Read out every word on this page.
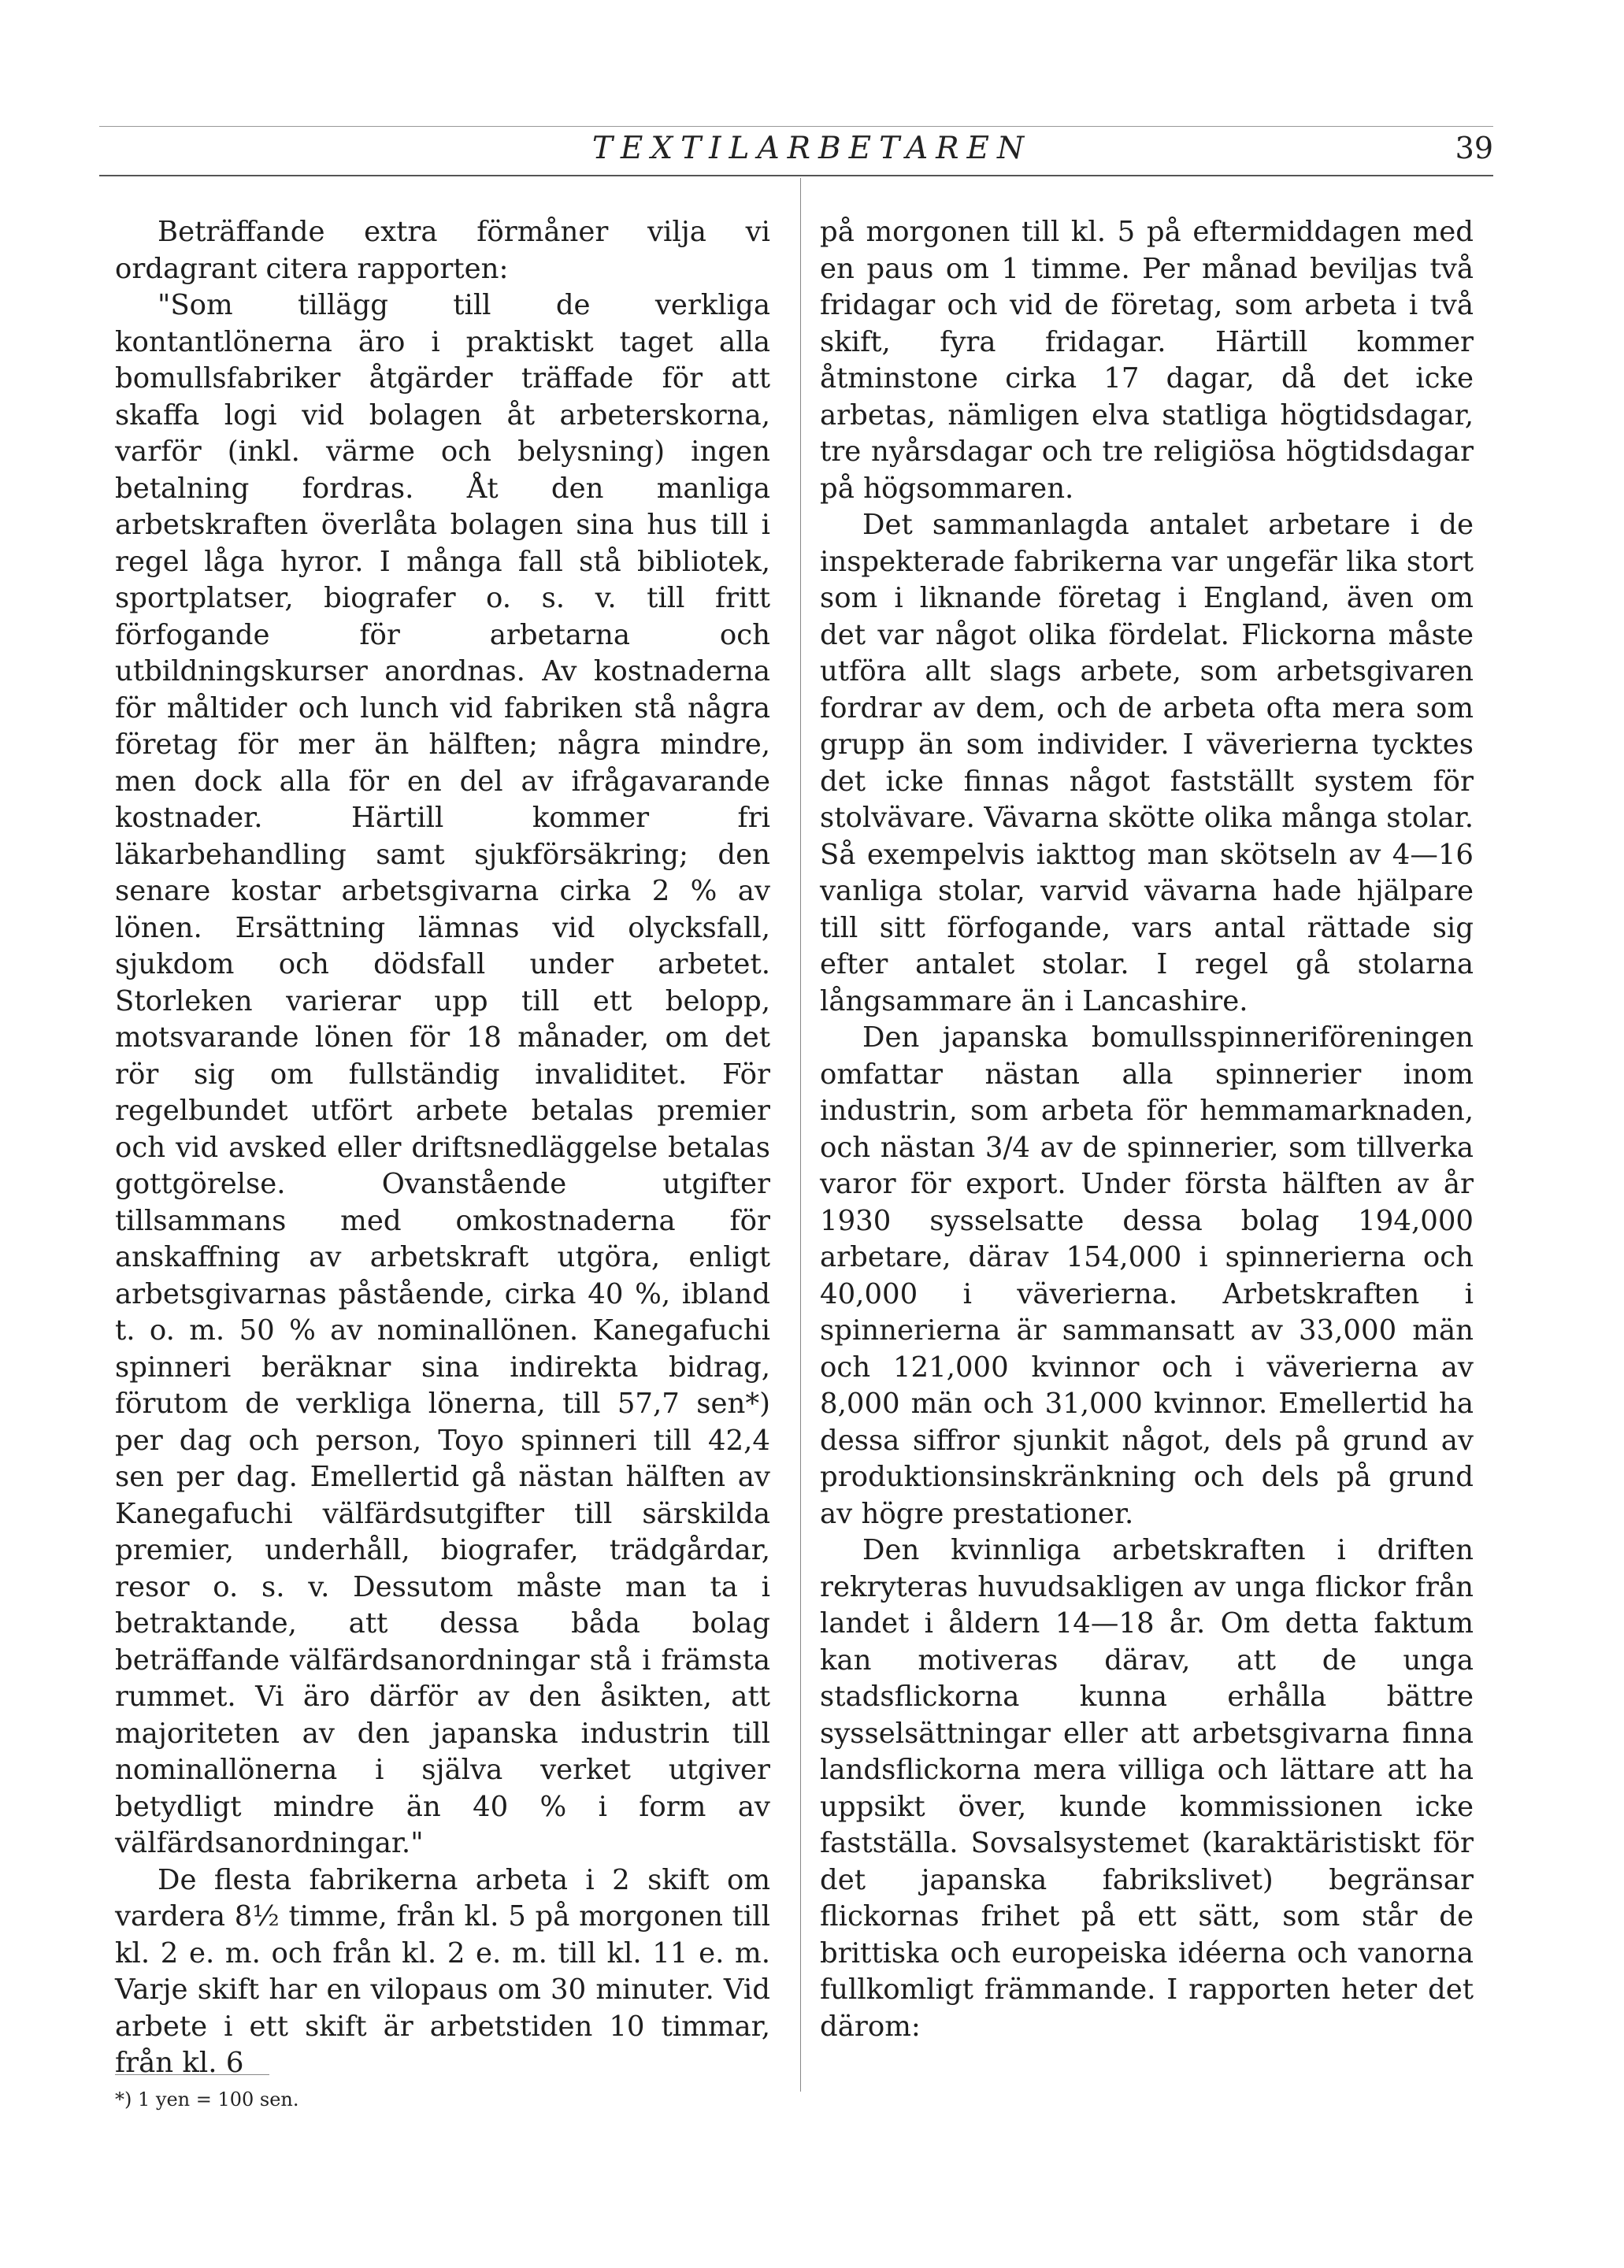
TEXTILARBETAREN	39

Beträffande extra förmåner vilja vi ordagrant citera rapporten:

"Som tillägg till de verkliga kontantlönerna äro i praktiskt taget alla bomullsfabriker åtgärder träffade för att skaffa logi vid bolagen åt arbeterskorna, varför (inkl. värme och belysning) ingen betalning fordras. Åt den manliga arbetskraften överlåta bolagen sina hus till i regel låga hyror. I många fall stå bibliotek, sportplatser, biografer o. s. v. till fritt förfogande för arbetarna och utbildningskurser anordnas. Av kostnaderna för måltider och lunch vid fabriken stå några företag för mer än hälften; några mindre, men dock alla för en del av ifrågavarande kostnader. Härtill kommer fri läkarbehandling samt sjukförsäkring; den senare kostar arbetsgivarna cirka 2 % av lönen. Ersättning lämnas vid olycksfall, sjukdom och dödsfall under arbetet. Storleken varierar upp till ett belopp, motsvarande lönen för 18 månader, om det rör sig om fullständig invaliditet. För regelbundet utfört arbete betalas premier och vid avsked eller driftsnedläggelse betalas gottgörelse. Ovanstående utgifter tillsammans med omkostnaderna för anskaffning av arbetskraft utgöra, enligt arbetsgivarnas påstående, cirka 40 %, ibland t. o. m. 50 % av nominallönen. Kanegafuchi spinneri beräknar sina indirekta bidrag, förutom de verkliga lönerna, till 57,7 sen*) per dag och person, Toyo spinneri till 42,4 sen per dag. Emellertid gå nästan hälften av Kanegafuchi välfärdsutgifter till särskilda premier, underhåll, biografer, trädgårdar, resor o. s. v. Dessutom måste man ta i betraktande, att dessa båda bolag beträffande välfärdsanordningar stå i främsta rummet. Vi äro därför av den åsikten, att majoriteten av den japanska industrin till nominallönerna i själva verket utgiver betydligt mindre än 40 % i form av välfärdsanordningar."

De flesta fabrikerna arbeta i 2 skift om vardera 8½ timme, från kl. 5 på morgonen till kl. 2 e. m. och från kl. 2 e. m. till kl. 11 e. m. Varje skift har en vilopaus om 30 minuter. Vid arbete i ett skift är arbetstiden 10 timmar, från kl. 6

på morgonen till kl. 5 på eftermiddagen med en paus om 1 timme. Per månad beviljas två fridagar och vid de företag, som arbeta i två skift, fyra fridagar. Härtill kommer åtminstone cirka 17 dagar, då det icke arbetas, nämligen elva statliga högtidsdagar, tre nyårsdagar och tre religiösa högtidsdagar på högsommaren.

Det sammanlagda antalet arbetare i de inspekterade fabrikerna var ungefär lika stort som i liknande företag i England, även om det var något olika fördelat. Flickorna måste utföra allt slags arbete, som arbetsgivaren fordrar av dem, och de arbeta ofta mera som grupp än som individer. I väverierna tycktes det icke finnas något fastställt system för stolvävare. Vävarna skötte olika många stolar. Så exempelvis iakttog man skötseln av 4—16 vanliga stolar, varvid vävarna hade hjälpare till sitt förfogande, vars antal rättade sig efter antalet stolar. I regel gå stolarna långsammare än i Lancashire.

Den japanska bomullsspinneriföreningen omfattar nästan alla spinnerier inom industrin, som arbeta för hemmamarknaden, och nästan 3/4 av de spinnerier, som tillverka varor för export. Under första hälften av år 1930 sysselsatte dessa bolag 194,000 arbetare, därav 154,000 i spinnerierna och 40,000 i väverierna. Arbetskraften i spinnerierna är sammansatt av 33,000 män och 121,000 kvinnor och i väverierna av 8,000 män och 31,000 kvinnor. Emellertid ha dessa siffror sjunkit något, dels på grund av produktionsinskränkning och dels på grund av högre prestationer.

Den kvinnliga arbetskraften i driften rekryteras huvudsakligen av unga flickor från landet i åldern 14—18 år. Om detta faktum kan motiveras därav, att de unga stadsflickorna kunna erhålla bättre sysselsättningar eller att arbetsgivarna finna landsflickorna mera villiga och lättare att ha uppsikt över, kunde kommissionen icke fastställa. Sovsalsystemet (karaktäristiskt för det japanska fabrikslivet) begränsar flickornas frihet på ett sätt, som står de brittiska och europeiska idéerna och vanorna fullkomligt främmande. I rapporten heter det därom:

*) 1 yen = 100 sen.
